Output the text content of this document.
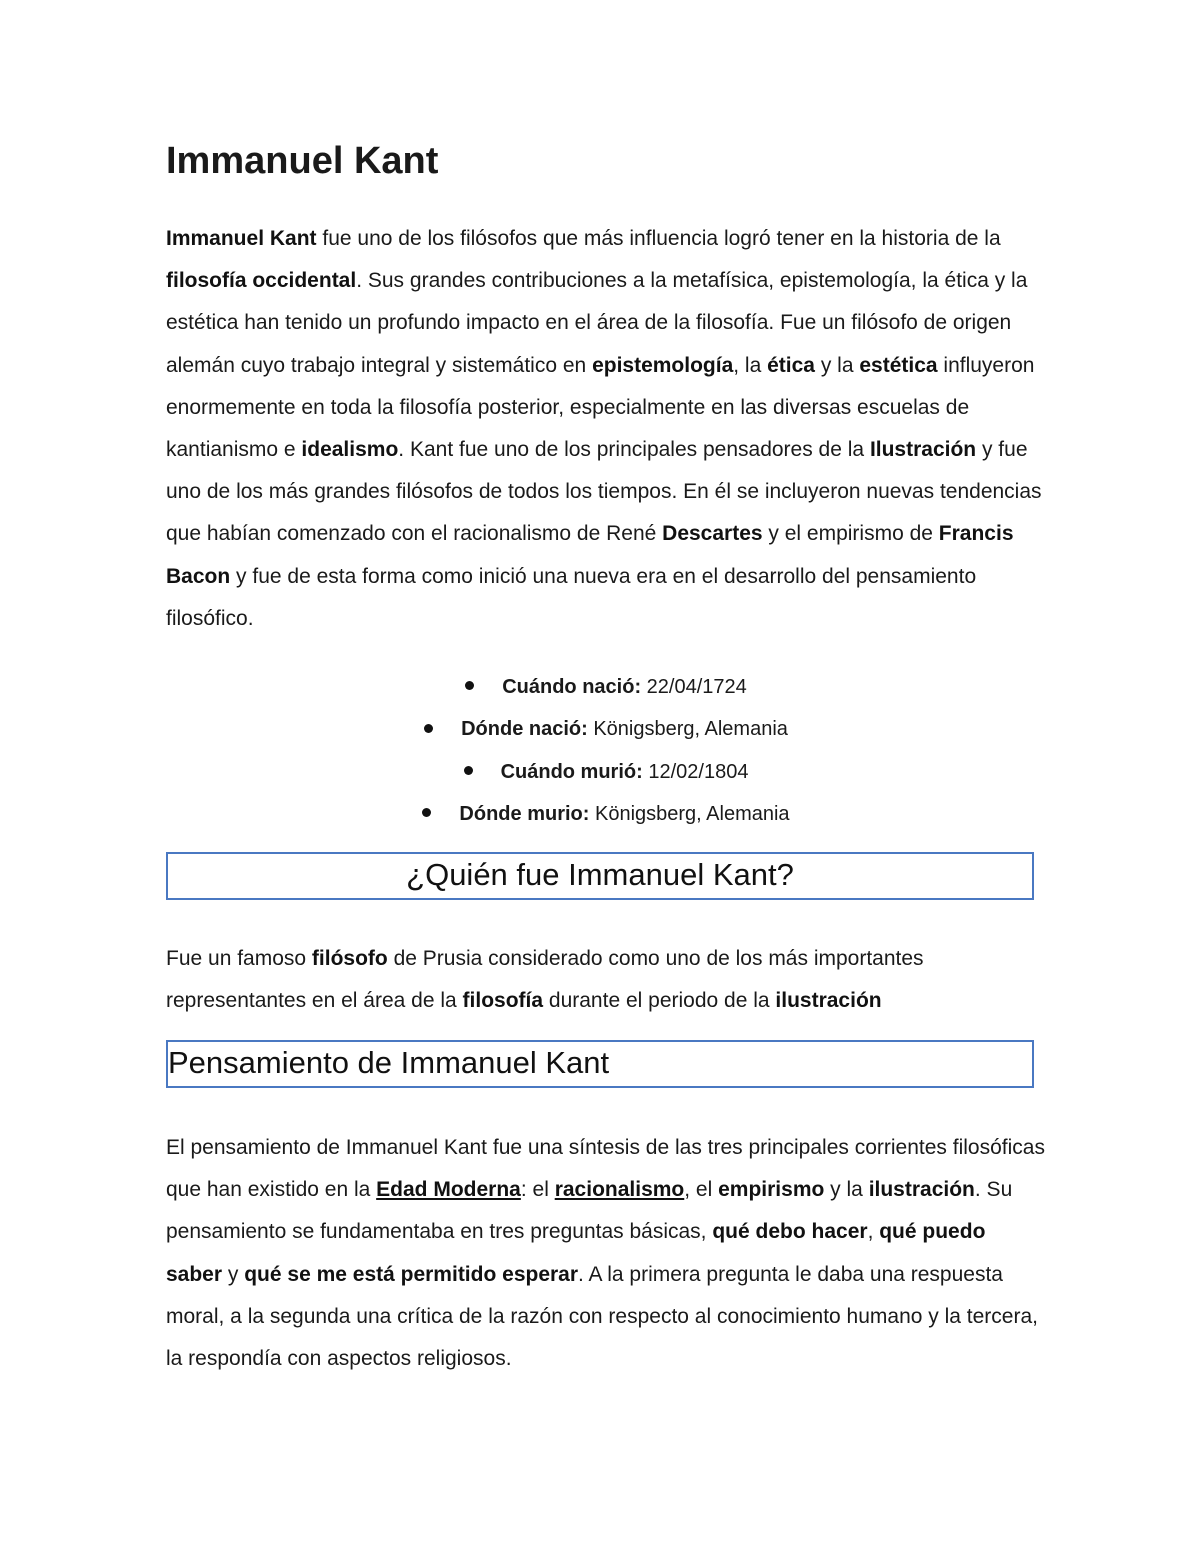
Immanuel Kant

Immanuel Kant fue uno de los filósofos que más influencia logró tener en la historia de la filosofía occidental. Sus grandes contribuciones a la metafísica, epistemología, la ética y la estética han tenido un profundo impacto en el área de la filosofía. Fue un filósofo de origen alemán cuyo trabajo integral y sistemático en epistemología, la ética y la estética influyeron enormemente en toda la filosofía posterior, especialmente en las diversas escuelas de kantianismo e idealismo. Kant fue uno de los principales pensadores de la Ilustración y fue uno de los más grandes filósofos de todos los tiempos. En él se incluyeron nuevas tendencias que habían comenzado con el racionalismo de René Descartes y el empirismo de Francis Bacon y fue de esta forma como inició una nueva era en el desarrollo del pensamiento filosófico.

Cuándo nació: 22/04/1724
Dónde nació: Königsberg, Alemania
Cuándo murió: 12/02/1804
Dónde murio: Königsberg, Alemania
¿Quién fue Immanuel Kant?

Fue un famoso filósofo de Prusia considerado como uno de los más importantes representantes en el área de la filosofía durante el periodo de la ilustración

Pensamiento de Immanuel Kant

El pensamiento de Immanuel Kant fue una síntesis de las tres principales corrientes filosóficas que han existido en la Edad Moderna: el racionalismo, el empirismo y la ilustración. Su pensamiento se fundamentaba en tres preguntas básicas, qué debo hacer, qué puedo saber y qué se me está permitido esperar. A la primera pregunta le daba una respuesta moral, a la segunda una crítica de la razón con respecto al conocimiento humano y la tercera, la respondía con aspectos religiosos.
